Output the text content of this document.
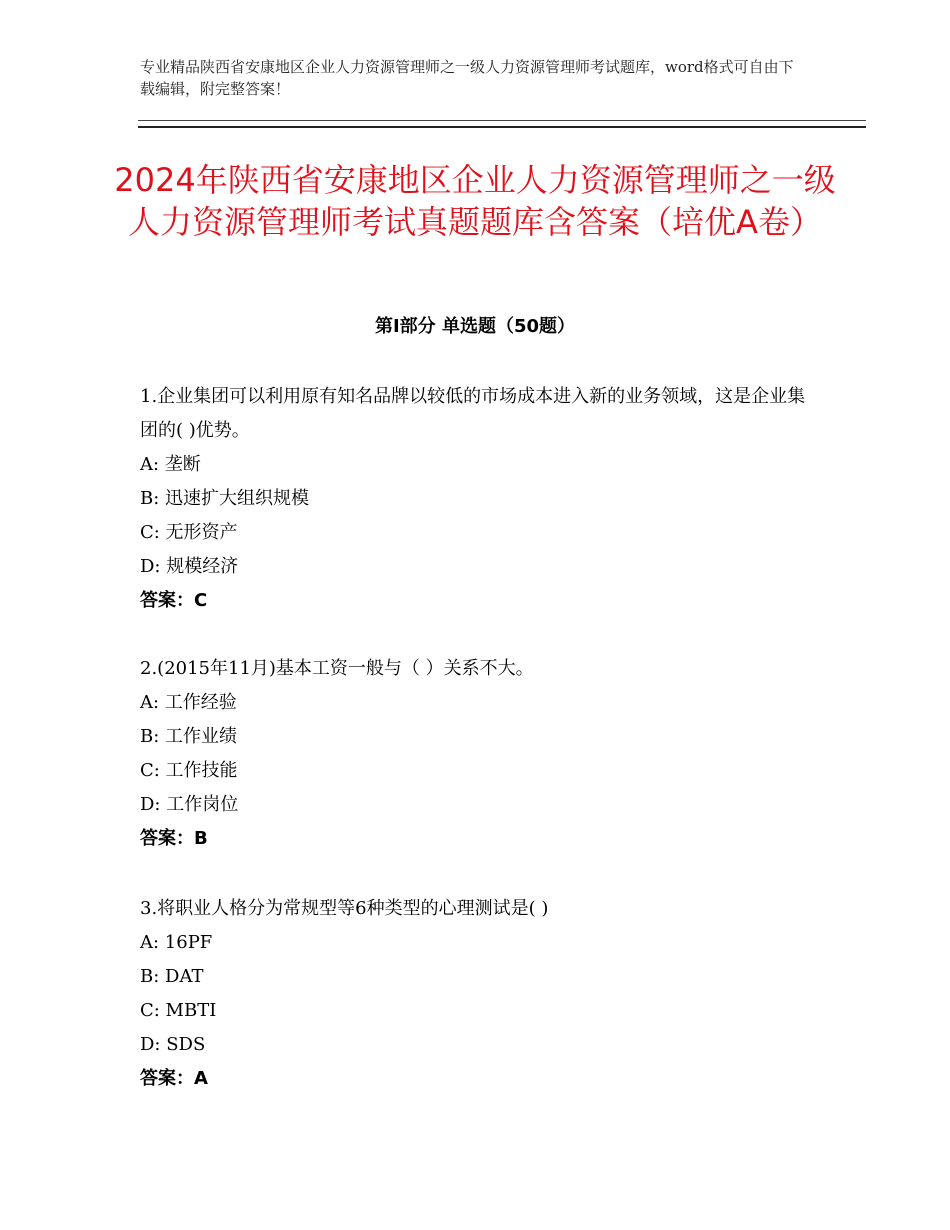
专业精品陕西省安康地区企业人力资源管理师之一级人力资源管理师考试题库，word格式可自由下载编辑，附完整答案！
2024年陕西省安康地区企业人力资源管理师之一级人力资源管理师考试真题题库含答案（培优A卷）
第Ⅰ部分 单选题（50题）
1.企业集团可以利用原有知名品牌以较低的市场成本进入新的业务领域，这是企业集团的( )优势。
A: 垄断
B: 迅速扩大组织规模
C: 无形资产
D: 规模经济
答案：C
2.(2015年11月)基本工资一般与（ ）关系不大。
A: 工作经验
B: 工作业绩
C: 工作技能
D: 工作岗位
答案：B
3.将职业人格分为常规型等6种类型的心理测试是( )
A: 16PF
B: DAT
C: MBTI
D: SDS
答案：A
